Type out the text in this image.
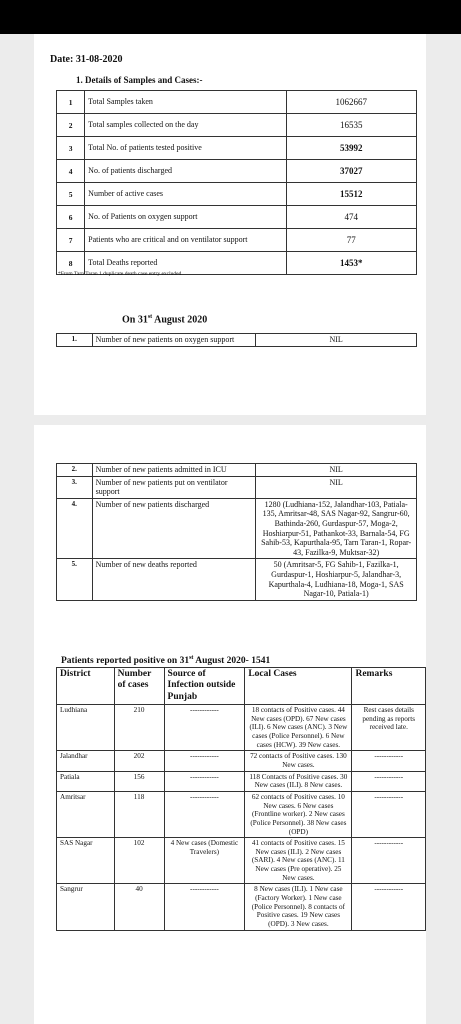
Date: 31-08-2020
1. Details of Samples and Cases:-
1	Total Samples taken	1062667
2	Total samples collected on the day	16535
3	Total No. of patients tested positive	53992
4	No. of patients discharged	37027
5	Number of active cases	15512
6	No. of Patients on oxygen support	474
7	Patients who are critical and on ventilator support	77
8	Total Deaths reported	1453*
*From Tarn Taran 1 duplicate death case entry excluded
On 31st August 2020
1.	Number of new patients on oxygen support	NIL
2.	Number of new patients admitted in ICU	NIL
3.	Number of new patients put on ventilator support	NIL
4.	Number of new patients discharged	1280 (Ludhiana-152, Jalandhar-103, Patiala-135, Amritsar-48, SAS Nagar-92, Sangrur-60, Bathinda-260, Gurdaspur-57, Moga-2, Hoshiarpur-51, Pathankot-33, Barnala-54, FG Sahib-53, Kapurthala-95, Tarn Taran-1, Ropar-43, Fazilka-9, Muktsar-32)
5.	Number of new deaths reported	50 (Amritsar-5, FG Sahib-1, Fazilka-1, Gurdaspur-1, Hoshiarpur-5, Jalandhar-3, Kapurthala-4, Ludhiana-18, Moga-1, SAS Nagar-10, Patiala-1)
Patients reported positive on 31st August 2020- 1541
District	Number of cases	Source of Infection outside Punjab	Local Cases	Remarks
Ludhiana	210	------------	18 contacts of Positive cases. 44 New cases (OPD). 67 New cases (ILI). 6 New cases (ANC). 3 New cases (Police Personnel). 6 New cases (HCW). 39 New cases.	Rest cases details pending as reports received late.
Jalandhar	202	------------	72 contacts of Positive cases. 130 New cases.	------------
Patiala	156	------------	118 Contacts of Positive cases. 30 New cases (ILI). 8 New cases.	------------
Amritsar	118	------------	62 contacts of Positive cases. 10 New cases. 6 New cases (Frontline worker). 2 New cases (Police Personnel). 38 New cases (OPD)	------------
SAS Nagar	102	4 New cases (Domestic Travelers)	41 contacts of Positive cases. 15 New cases (ILI). 2 New cases (SARI). 4 New cases (ANC). 11 New cases (Pre operative). 25 New cases.	------------
Sangrur	40	------------	8 New cases (ILI). 1 New case (Factory Worker). 1 New case (Police Personnel). 8 contacts of Positive cases. 19 New cases (OPD). 3 New cases.	------------
